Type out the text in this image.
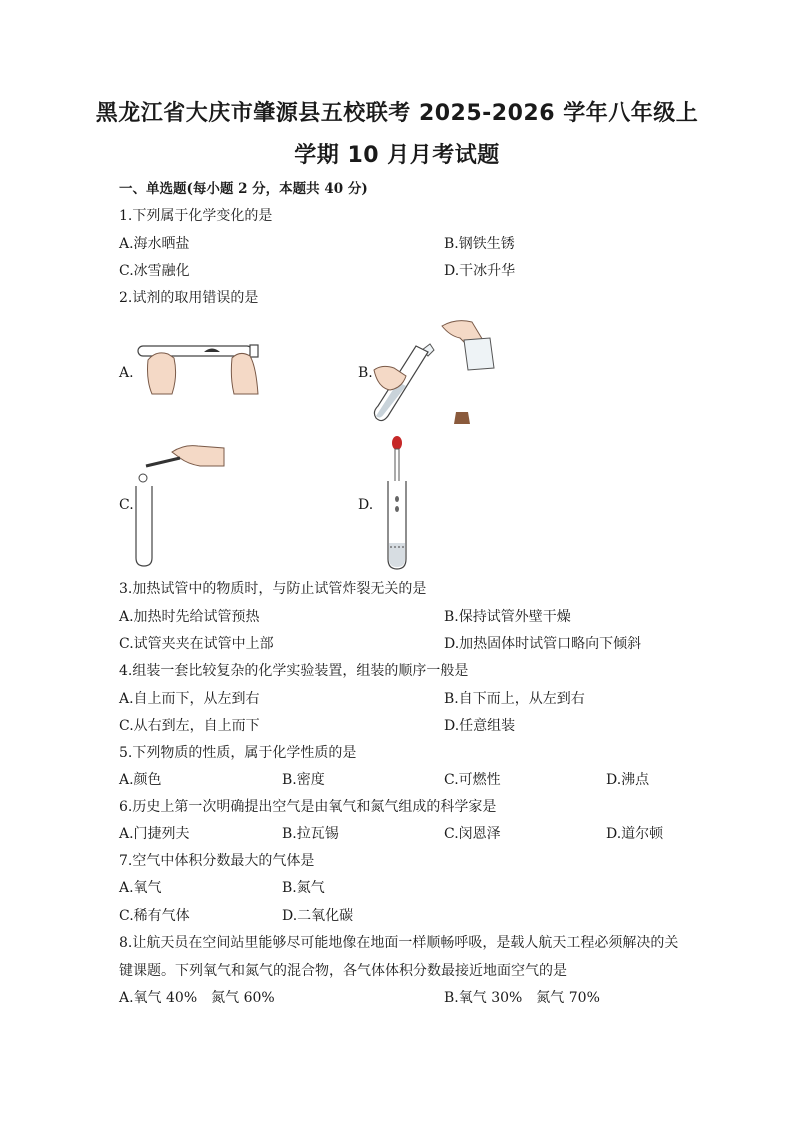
黑龙江省大庆市肇源县五校联考 2025-2026 学年八年级上
学期 10 月月考试题
一、单选题(每小题 2 分，本题共 40 分)
1.下列属于化学变化的是
A.海水晒盐	B.钢铁生锈
C.冰雪融化	D.干冰升华
2.试剂的取用错误的是
A.	B.
C.	D.
3.加热试管中的物质时，与防止试管炸裂无关的是
A.加热时先给试管预热	B.保持试管外壁干燥
C.试管夹夹在试管中上部	D.加热固体时试管口略向下倾斜
4.组装一套比较复杂的化学实验装置，组装的顺序一般是
A.自上而下，从左到右	B.自下而上，从左到右
C.从右到左，自上而下	D.任意组装
5.下列物质的性质，属于化学性质的是
A.颜色	B.密度	C.可燃性	D.沸点
6.历史上第一次明确提出空气是由氧气和氮气组成的科学家是
A.门捷列夫	B.拉瓦锡	C.闵恩泽	D.道尔顿
7.空气中体积分数最大的气体是
A.氧气	B.氮气
C.稀有气体	D.二氧化碳
8.让航天员在空间站里能够尽可能地像在地面一样顺畅呼吸，是载人航天工程必须解决的关
键课题。下列氧气和氮气的混合物，各气体体积分数最接近地面空气的是
A.氧气 40%　氮气 60%	B.氧气 30%　氮气 70%
